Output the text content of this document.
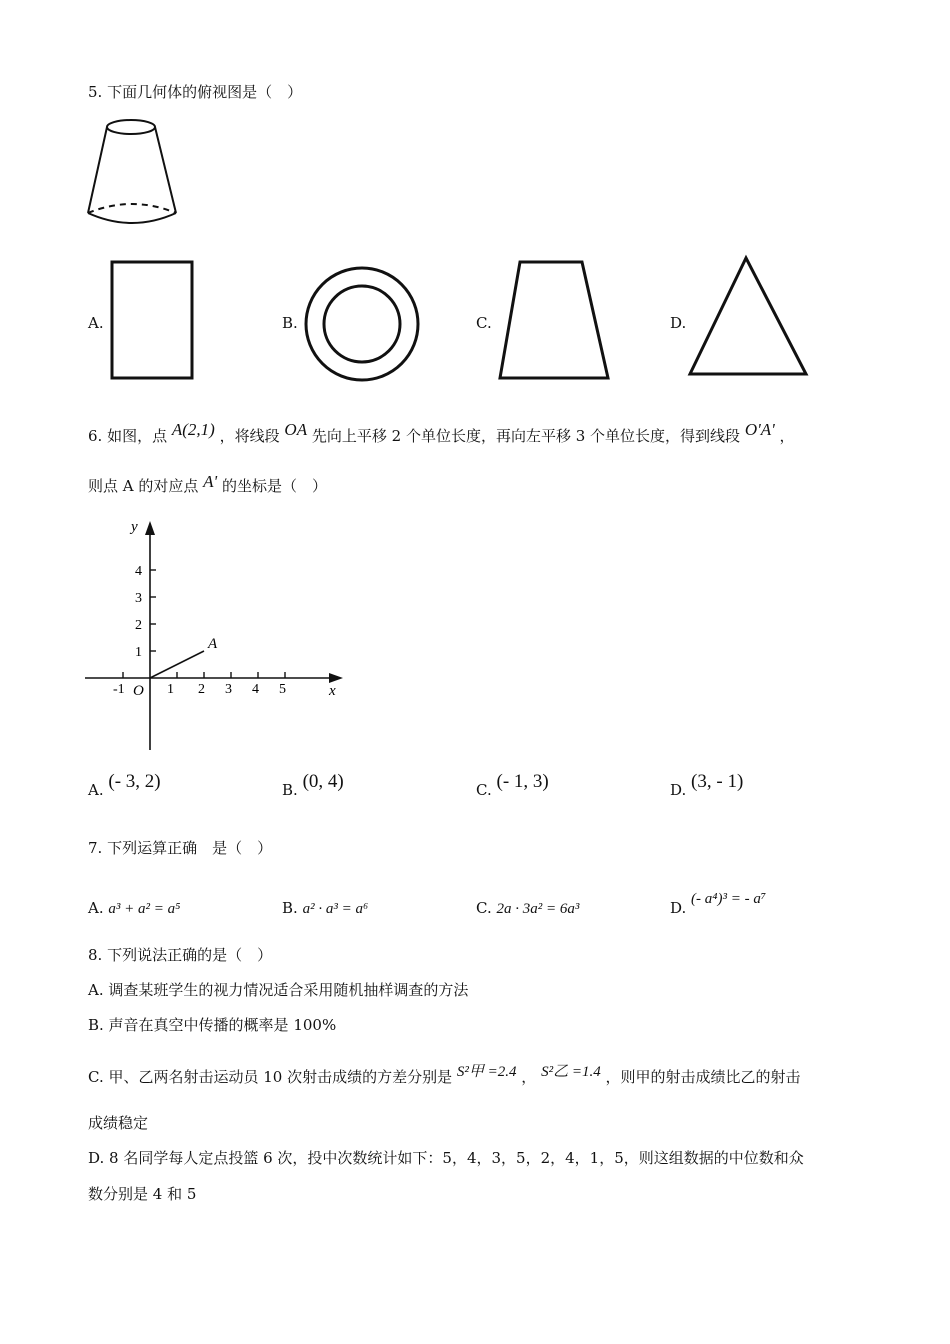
5. 下面几何体的俯视图是（　）
A.	B.	C.	D.
6. 如图，点 A(2,1) ，将线段 OA 先向上平移 2 个单位长度，再向左平移 3 个单位长度，得到线段 O'A' ，
则点 A 的对应点 A' 的坐标是（　）
y
x
O
1
2
3
4
-1	1 2 3 4 5
A
A. (- 3, 2)	B. (0, 4)	C. (- 1, 3)	D. (3, - 1)
7. 下列运算正确　是（　）
A. a³ + a² = a⁵	B. a² · a³ = a⁶	C. 2a · 3a² = 6a³	D. (- a⁴)³ = - a⁷
8. 下列说法正确的是（　）
A. 调查某班学生的视力情况适合采用随机抽样调查的方法
B. 声音在真空中传播的概率是 100%
C. 甲、乙两名射击运动员 10 次射击成绩的方差分别是 S²甲 =2.4 ， S²乙 =1.4 ，则甲的射击成绩比乙的射击
成绩稳定
D. 8 名同学每人定点投篮 6 次，投中次数统计如下：5，4，3，5，2，4，1，5，则这组数据的中位数和众
数分别是 4 和 5
